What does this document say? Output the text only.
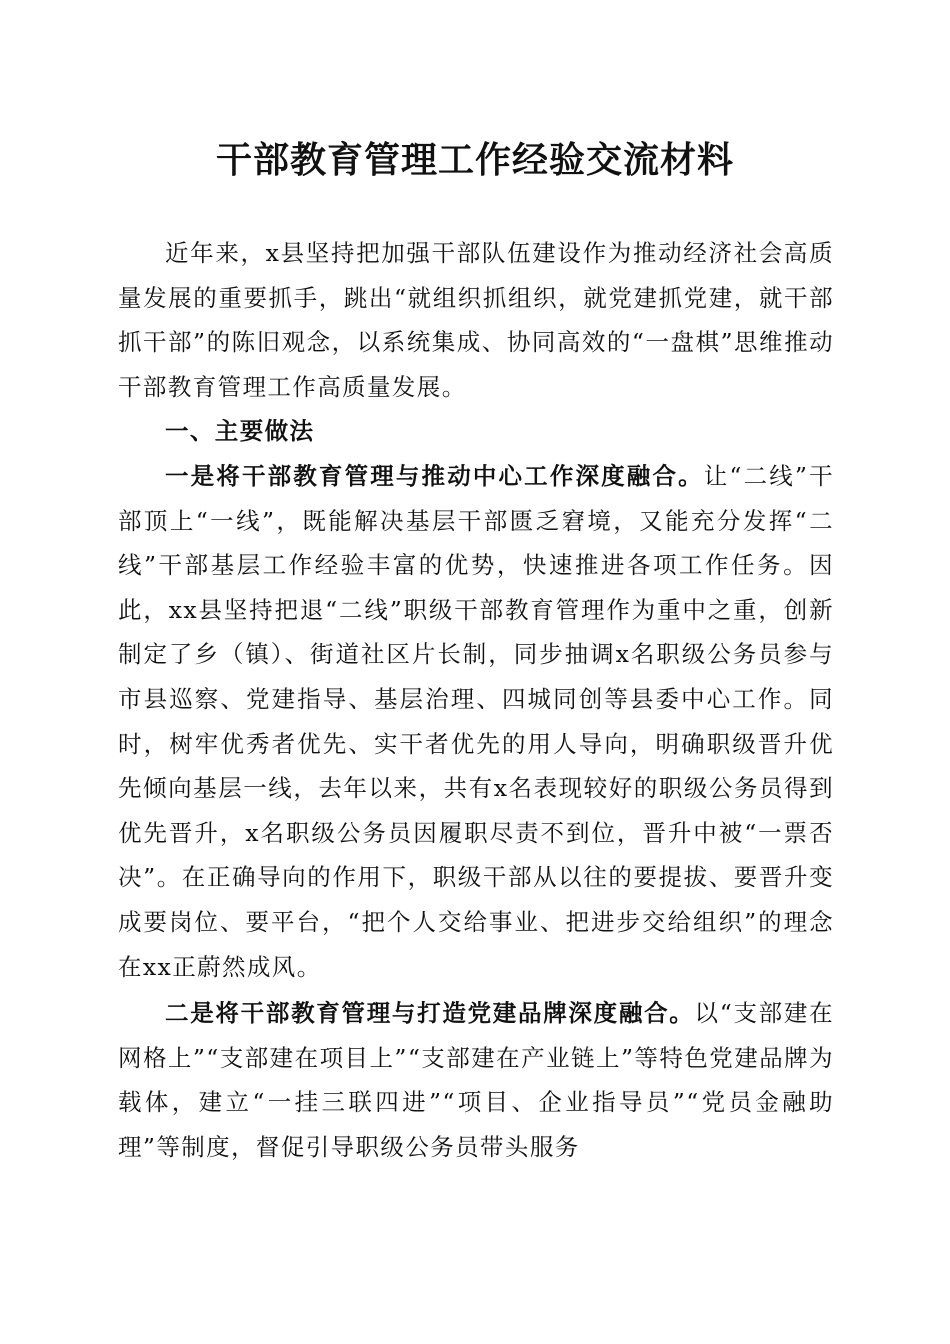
干部教育管理工作经验交流材料

近年来，x县坚持把加强干部队伍建设作为推动经济社会高质量发展的重要抓手，跳出“就组织抓组织，就党建抓党建，就干部抓干部”的陈旧观念，以系统集成、协同高效的“一盘棋”思维推动干部教育管理工作高质量发展。

一、主要做法

一是将干部教育管理与推动中心工作深度融合。让“二线”干部顶上“一线”，既能解决基层干部匮乏窘境，又能充分发挥“二线”干部基层工作经验丰富的优势，快速推进各项工作任务。因此，xx县坚持把退“二线”职级干部教育管理作为重中之重，创新制定了乡（镇）、街道社区片长制，同步抽调x名职级公务员参与市县巡察、党建指导、基层治理、四城同创等县委中心工作。同时，树牢优秀者优先、实干者优先的用人导向，明确职级晋升优先倾向基层一线，去年以来，共有x名表现较好的职级公务员得到优先晋升，x名职级公务员因履职尽责不到位，晋升中被“一票否决”。在正确导向的作用下，职级干部从以往的要提拔、要晋升变成要岗位、要平台，“把个人交给事业、把进步交给组织”的理念在xx正蔚然成风。

二是将干部教育管理与打造党建品牌深度融合。以“支部建在网格上”“支部建在项目上”“支部建在产业链上”等特色党建品牌为载体，建立“一挂三联四进”“项目、企业指导员”“党员金融助理”等制度，督促引导职级公务员带头服务
